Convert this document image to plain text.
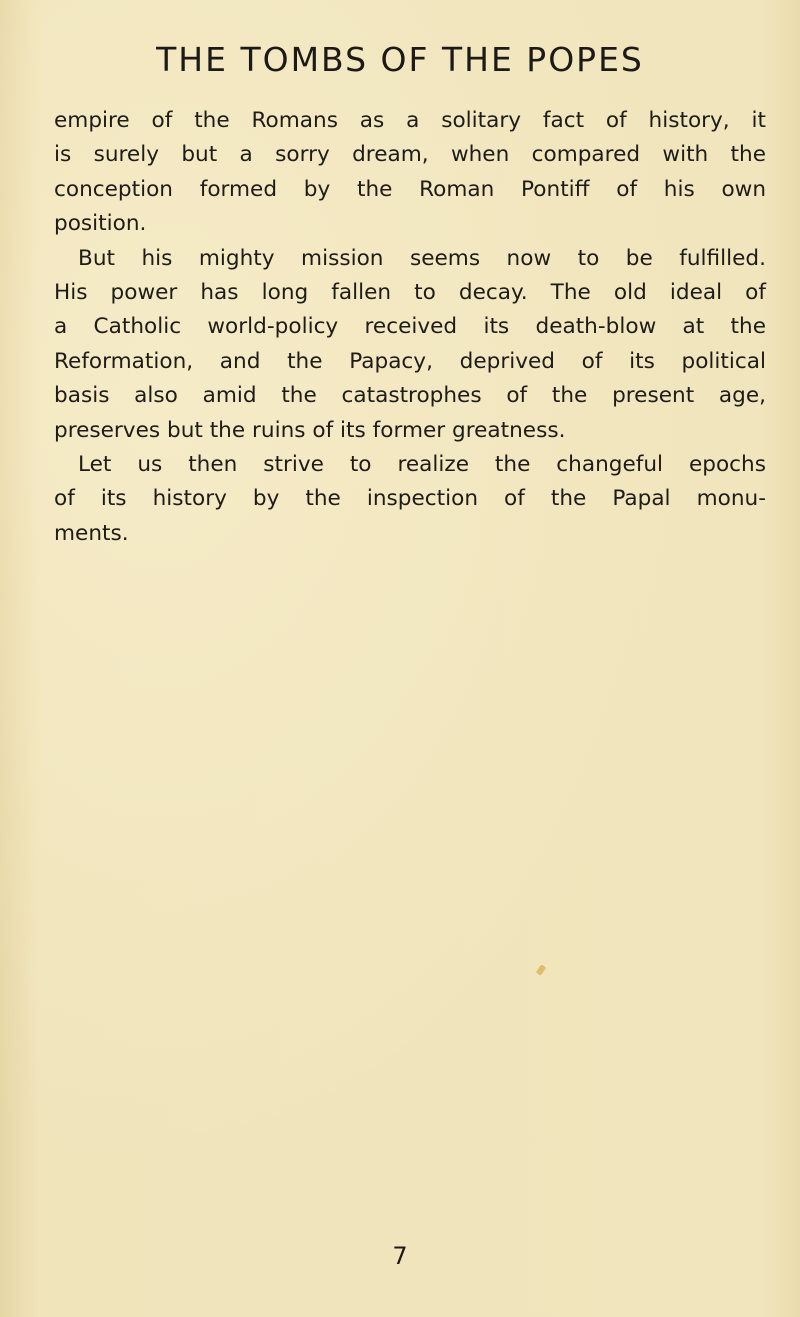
THE TOMBS OF THE POPES
empire of the Romans as a solitary fact of history, it
is surely but a sorry dream, when compared with the
conception formed by the Roman Pontiff of his own
position.
But his mighty mission seems now to be fulfilled.
His power has long fallen to decay. The old ideal of
a Catholic world-policy received its death-blow at the
Reformation, and the Papacy, deprived of its political
basis also amid the catastrophes of the present age,
preserves but the ruins of its former greatness.
Let us then strive to realize the changeful epochs
of its history by the inspection of the Papal monu-
ments.
7
